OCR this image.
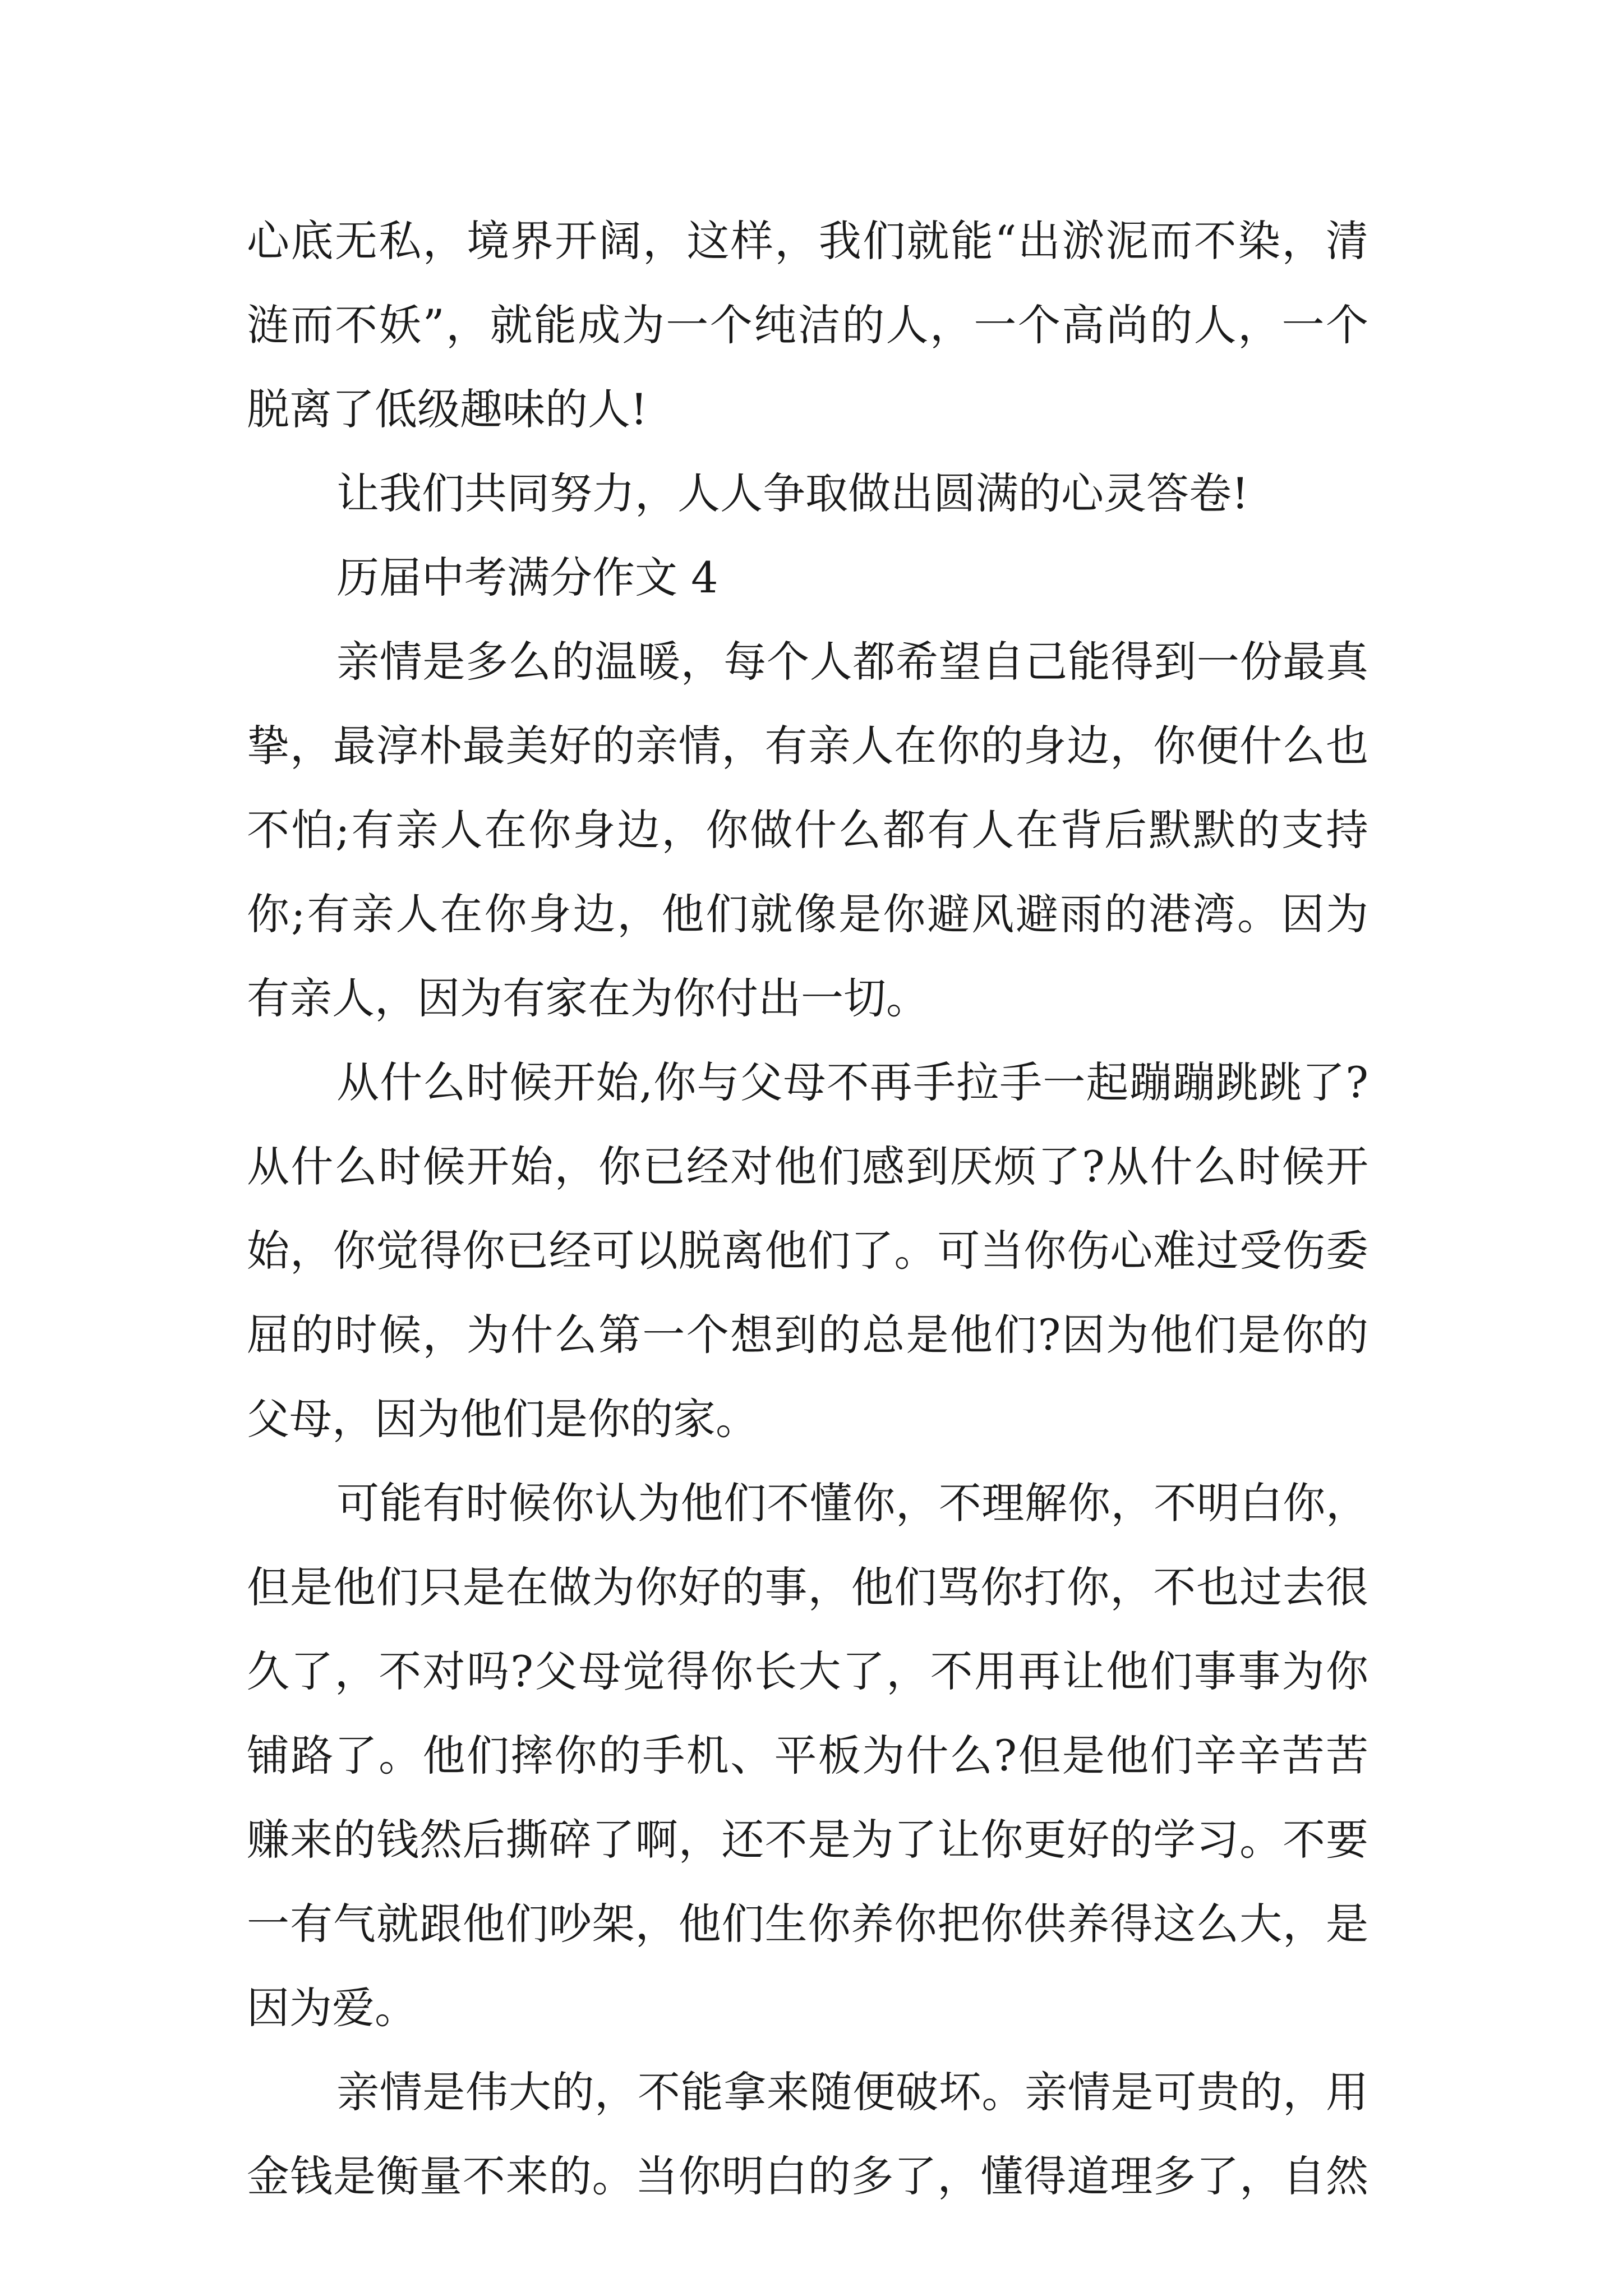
心底无私，境界开阔，这样，我们就能“出淤泥而不染，清
涟而不妖”，就能成为一个纯洁的人，一个高尚的人，一个
脱离了低级趣味的人!
让我们共同努力，人人争取做出圆满的心灵答卷!
历届中考满分作文 4
亲情是多么的温暖，每个人都希望自己能得到一份最真
挚，最淳朴最美好的亲情，有亲人在你的身边，你便什么也
不怕;有亲人在你身边，你做什么都有人在背后默默的支持
你;有亲人在你身边，他们就像是你避风避雨的港湾。因为
有亲人，因为有家在为你付出一切。
从什么时候开始,你与父母不再手拉手一起蹦蹦跳跳了?
从什么时候开始，你已经对他们感到厌烦了?从什么时候开
始，你觉得你已经可以脱离他们了。可当你伤心难过受伤委
屈的时候，为什么第一个想到的总是他们?因为他们是你的
父母，因为他们是你的家。
可能有时候你认为他们不懂你，不理解你，不明白你，
但是他们只是在做为你好的事，他们骂你打你，不也过去很
久了，不对吗?父母觉得你长大了，不用再让他们事事为你
铺路了。他们摔你的手机、平板为什么?但是他们辛辛苦苦
赚来的钱然后撕碎了啊，还不是为了让你更好的学习。不要
一有气就跟他们吵架，他们生你养你把你供养得这么大，是
因为爱。
亲情是伟大的，不能拿来随便破坏。亲情是可贵的，用
金钱是衡量不来的。当你明白的多了，懂得道理多了，自然
